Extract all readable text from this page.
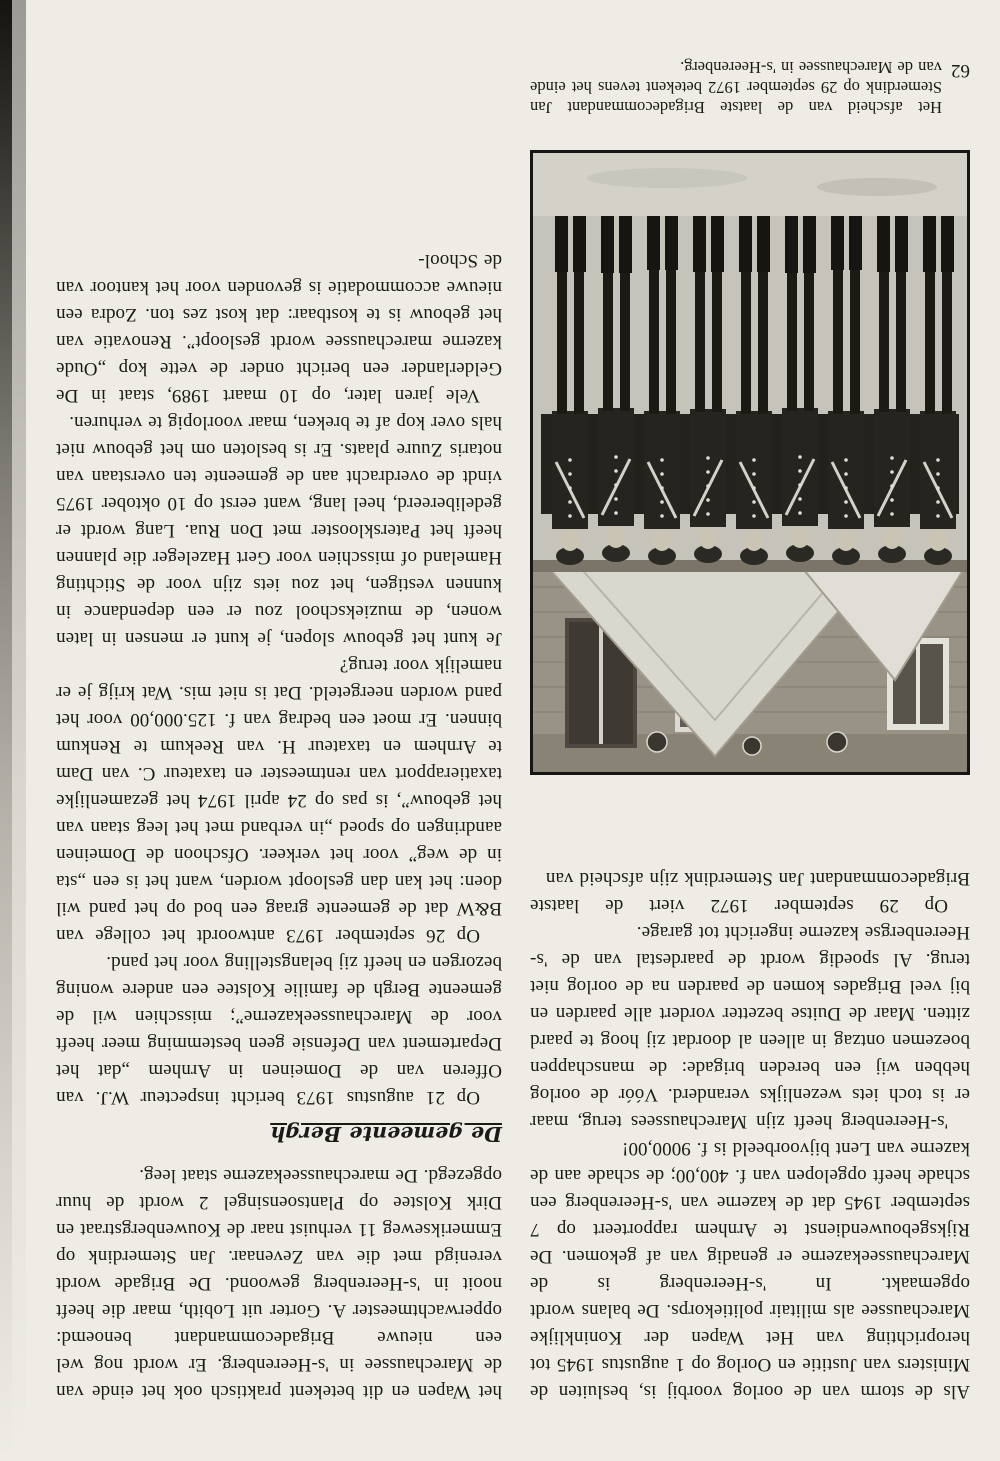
Als de storm van de oorlog voorbij is, besluiten de Ministers van Justitie en Oorlog op 1 augustus 1945 tot heroprichting van Het Wapen der Koninklijke Marechaussee als militair politiekorps. De balans wordt opgemaakt. In 's-Heerenberg is de Marechausseekazerne er genadig van af gekomen. De Rijksgebouwendienst te Arnhem rapporteert op 7 september 1945 dat de kazerne van 's-Heerenberg een schade heeft opgelopen van f. 400,00; de schade aan de kazerne van Lent bijvoorbeeld is f. 9000,00!

's-Heerenberg heeft zijn Marechaussees terug, maar er is toch iets wezenlijks veranderd. Vóór de oorlog hebben wij een bereden brigade: de manschappen boezemen ontzag in alleen al doordat zij hoog te paard zitten. Maar de Duitse bezetter vordert alle paarden en bij veel Brigades komen de paarden na de oorlog niet terug. Al spoedig wordt de paardestal van de 's-Heerenbergse kazerne ingericht tot garage.

Op 29 september 1972 viert de laatste Brigadecommandant Jan Stemerdink zijn afscheid van

Het afscheid van de laatste Brigadecommandant Jan Stemerdink op 29 september 1972 betekent tevens het einde van de Marechaussee in 's-Heerenberg. 62

het Wapen en dit betekent praktisch ook het einde van de Marechaussee in 's-Heerenberg. Er wordt nog wel een nieuwe Brigadecommandant benoemd: opperwachtmeester A. Gorter uit Lobith, maar die heeft nooit in 's-Heerenberg gewoond. De Brigade wordt verenigd met die van Zevenaar. Jan Stemerdink op Emmerikseweg 11 verhuist naar de Kouwenbergstraat en Dirk Kolstee op Plantsoensingel 2 wordt de huur opgezegd. De marechausseekazerne staat leeg.

De gemeente Bergh

Op 21 augustus 1973 bericht inspecteur W.J. van Offeren van de Domeinen in Arnhem „dat het Departement van Defensie geen bestemming meer heeft voor de Marechausseekazerne”; misschien wil de gemeente Bergh de familie Kolstee een andere woning bezorgen en heeft zij belangstelling voor het pand.

Op 26 september 1973 antwoordt het college van B&W dat de gemeente graag een bod op het pand wil doen: het kan dan gesloopt worden, want het is een „sta in de weg” voor het verkeer. Ofschoon de Domeinen aandringen op spoed „in verband met het leeg staan van het gebouw”, is pas op 24 april 1974 het gezamenlijke taxatierapport van rentmeester en taxateur C. van Dam te Arnhem en taxateur H. van Reekum te Renkum binnen. Er moet een bedrag van f. 125.000,00 voor het pand worden neergeteld. Dat is niet mis. Wat krijg je er namelijk voor terug?

Je kunt het gebouw slopen, je kunt er mensen in laten wonen, de muziekschool zou er een dependance in kunnen vestigen, het zou iets zijn voor de Stichting Hameland of misschien voor Gert Hazeleger die plannen heeft het Patersklooster met Don Rua. Lang wordt er gedelibereerd, heel lang, want eerst op 10 oktober 1975 vindt de overdracht aan de gemeente ten overstaan van notaris Zuure plaats. Er is besloten om het gebouw niet hals over kop af te breken, maar voorlopig te verhuren.

Vele jaren later, op 10 maart 1989, staat in De Gelderlander een bericht onder de vette kop „Oude kazerne marechaussee wordt gesloopt”. Renovatie van het gebouw is te kostbaar: dat kost zes ton. Zodra een nieuwe accommodatie is gevonden voor het kantoor van de School-
